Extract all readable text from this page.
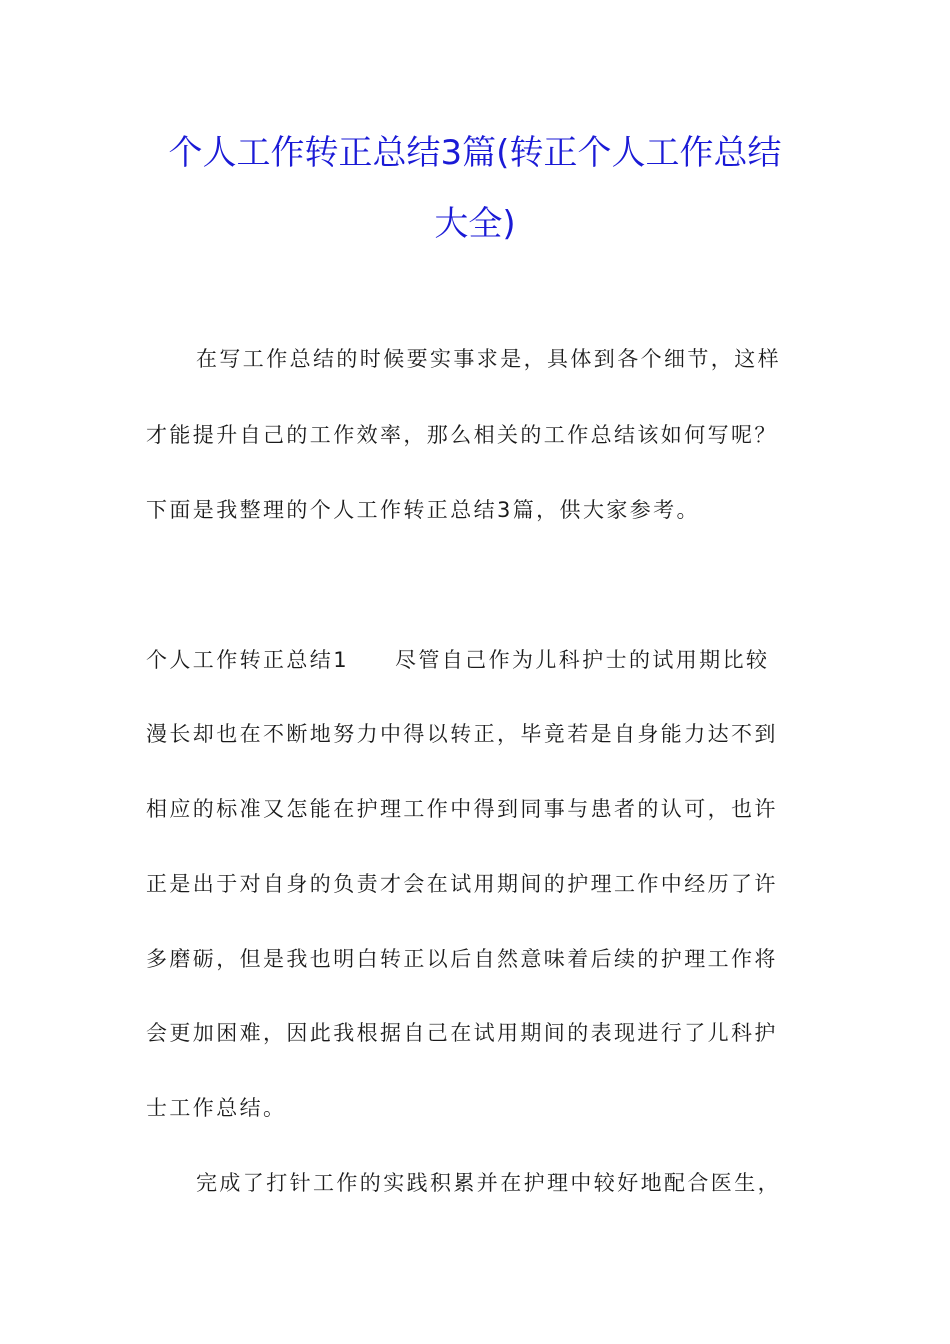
个人工作转正总结3篇(转正个人工作总结
大全)

在写工作总结的时候要实事求是，具体到各个细节，这样

才能提升自己的工作效率，那么相关的工作总结该如何写呢？

下面是我整理的个人工作转正总结3篇，供大家参考。

个人工作转正总结1 尽管自己作为儿科护士的试用期比较

漫长却也在不断地努力中得以转正，毕竟若是自身能力达不到

相应的标准又怎能在护理工作中得到同事与患者的认可，也许

正是出于对自身的负责才会在试用期间的护理工作中经历了许

多磨砺，但是我也明白转正以后自然意味着后续的护理工作将

会更加困难，因此我根据自己在试用期间的表现进行了儿科护

士工作总结。

完成了打针工作的实践积累并在护理中较好地配合医生，
